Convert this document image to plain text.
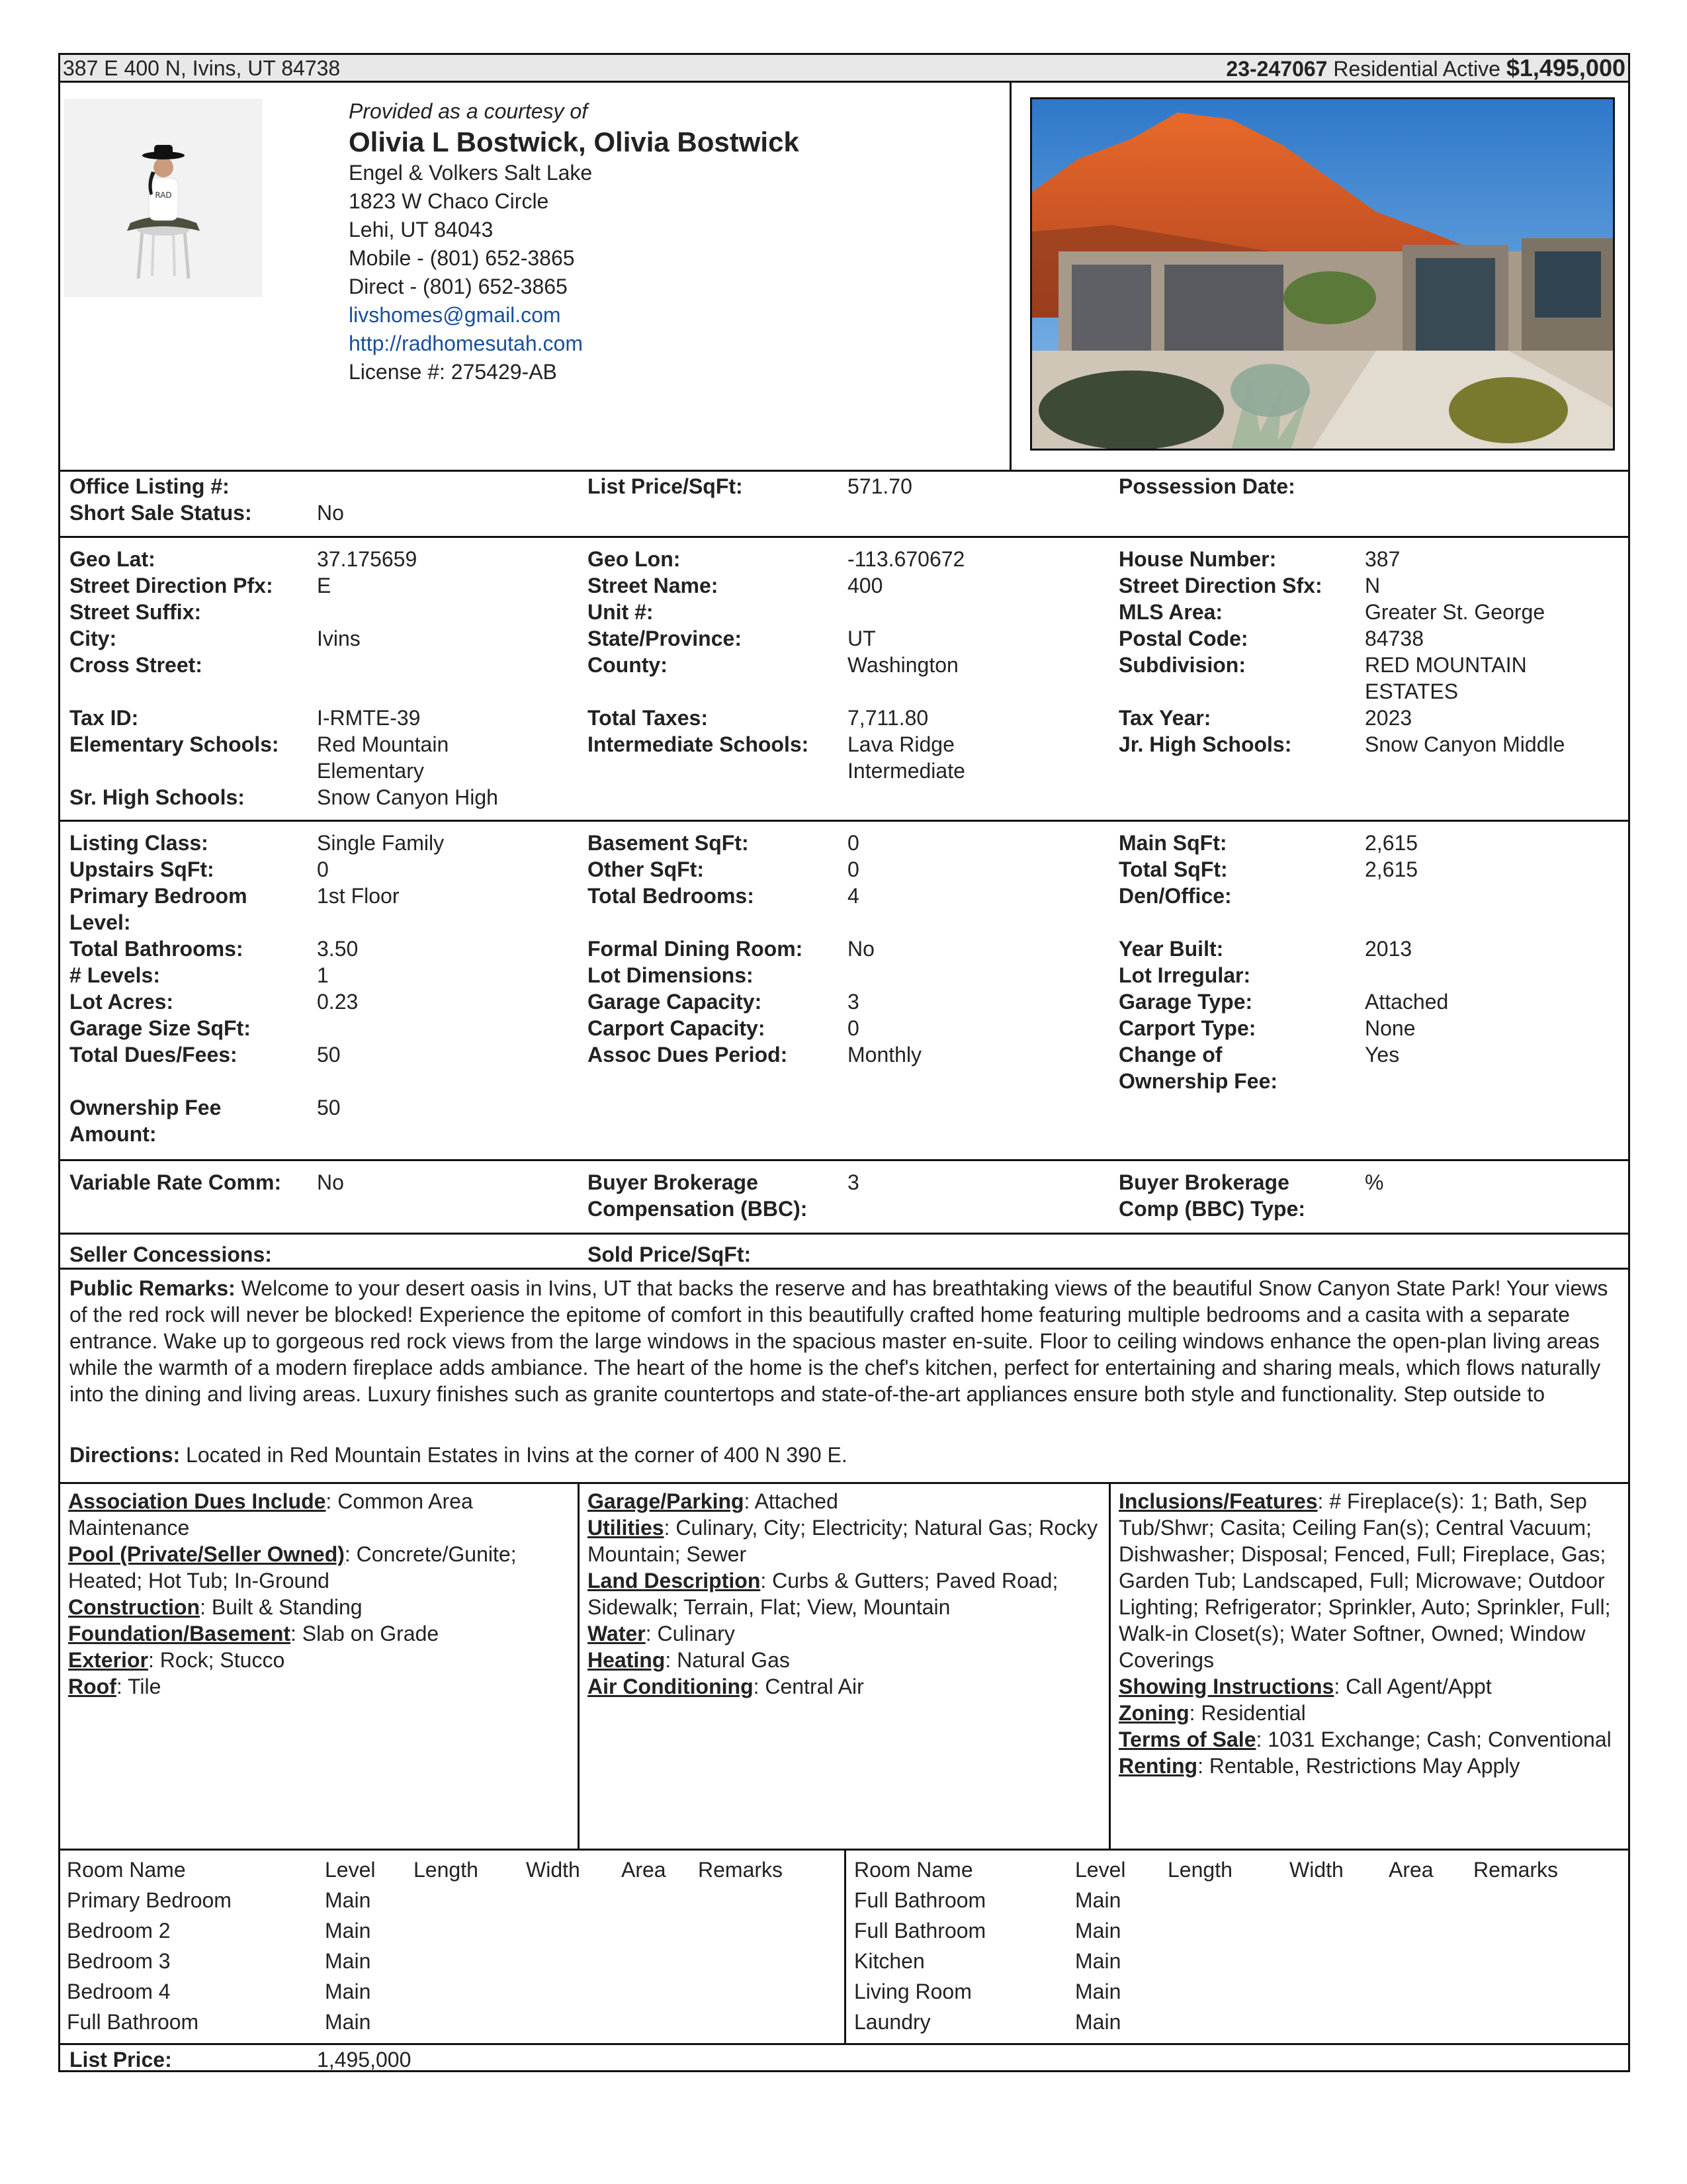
387 E 400 N, Ivins, UT 84738	23-247067 Residential Active $1,495,000
RAD
Provided as a courtesy of
Olivia L Bostwick, Olivia Bostwick
Engel & Volkers Salt Lake
1823 W Chaco Circle
Lehi, UT 84043
Mobile - (801) 652-3865
Direct - (801) 652-3865
livshomes@gmail.com
http://radhomesutah.com
License #: 275429-AB
Office Listing #:
Short Sale Status:	No
List Price/SqFt:	571.70	Possession Date:
Geo Lat:	37.175659
Street Direction Pfx: E
Street Suffix:
City:	Ivins
Cross Street:
Tax ID:	I-RMTE-39
Elementary Schools: Red Mountain
Elementary
Sr. High Schools:	Snow Canyon High
Geo Lon:	-113.670672
Street Name:	400
Unit #:
State/Province:	UT
County:	Washington
Total Taxes:	7,711.80
Intermediate Schools: Lava Ridge
Intermediate
House Number:	387
Street Direction Sfx: N
MLS Area:	Greater St. George
Postal Code:	84738
Subdivision:	RED MOUNTAIN
ESTATES
Tax Year:	2023
Jr. High Schools:	Snow Canyon Middle
Listing Class:	Single Family
Upstairs SqFt:	0
Primary Bedroom
Level:
1st Floor
Total Bathrooms:	3.50
# Levels:	1
Lot Acres:	0.23
Garage Size SqFt:
Total Dues/Fees:	50
Ownership Fee
Amount:
50
Basement SqFt:	0
Other SqFt:	0
Total Bedrooms:	4
Formal Dining Room: No
Lot Dimensions:
Garage Capacity:	3
Carport Capacity:	0
Assoc Dues Period:	Monthly
Main SqFt:	2,615
Total SqFt:	2,615
Den/Office:
Year Built:	2013
Lot Irregular:
Garage Type:	Attached
Carport Type:	None
Change of
Ownership Fee:
Yes
Variable Rate Comm: No	Buyer Brokerage
Compensation (BBC):
3	Buyer Brokerage
Comp (BBC) Type:
%
Seller Concessions:	Sold Price/SqFt:
Public Remarks: Welcome to your desert oasis in Ivins, UT that backs the reserve and has breathtaking views of the beautiful Snow Canyon State Park! Your views of the red rock will never be blocked! Experience the epitome of comfort in this beautifully crafted home featuring multiple bedrooms and a casita with a separate entrance. Wake up to gorgeous red rock views from the large windows in the spacious master en-suite. Floor to ceiling windows enhance the open-plan living areas while the warmth of a modern fireplace adds ambiance. The heart of the home is the chef's kitchen, perfect for entertaining and sharing meals, which flows naturally into the dining and living areas. Luxury finishes such as granite countertops and state-of-the-art appliances ensure both style and functionality. Step outside to
Directions: Located in Red Mountain Estates in Ivins at the corner of 400 N 390 E.

Association Dues Include: Common Area Maintenance

Pool (Private/Seller Owned): Concrete/Gunite; Heated; Hot Tub; In-Ground

Construction: Built & Standing

Foundation/Basement: Slab on Grade

Exterior: Rock; Stucco

Roof: Tile

Garage/Parking: Attached

Utilities: Culinary, City; Electricity; Natural Gas; Rocky Mountain; Sewer

Land Description: Curbs & Gutters; Paved Road; Sidewalk; Terrain, Flat; View, Mountain

Water: Culinary

Heating: Natural Gas

Air Conditioning: Central Air

Inclusions/Features: # Fireplace(s): 1; Bath, Sep Tub/Shwr; Casita; Ceiling Fan(s); Central Vacuum; Dishwasher; Disposal; Fenced, Full; Fireplace, Gas; Garden Tub; Landscaped, Full; Microwave; Outdoor Lighting; Refrigerator; Sprinkler, Auto; Sprinkler, Full; Walk-in Closet(s); Water Softner, Owned; Window Coverings

Showing Instructions: Call Agent/Appt

Zoning: Residential

Terms of Sale: 1031 Exchange; Cash; Conventional

Renting: Rentable, Restrictions May Apply

Room Name	Level Length Width Area Remarks
Primary Bedroom	Main
Bedroom 2	Main
Bedroom 3	Main
Bedroom 4	Main
Full Bathroom	Main
Room Name	Level Length	Width Area Remarks
Full Bathroom	Main
Full Bathroom	Main
Kitchen	Main
Living Room	Main
Laundry	Main
List Price:	1,495,000
